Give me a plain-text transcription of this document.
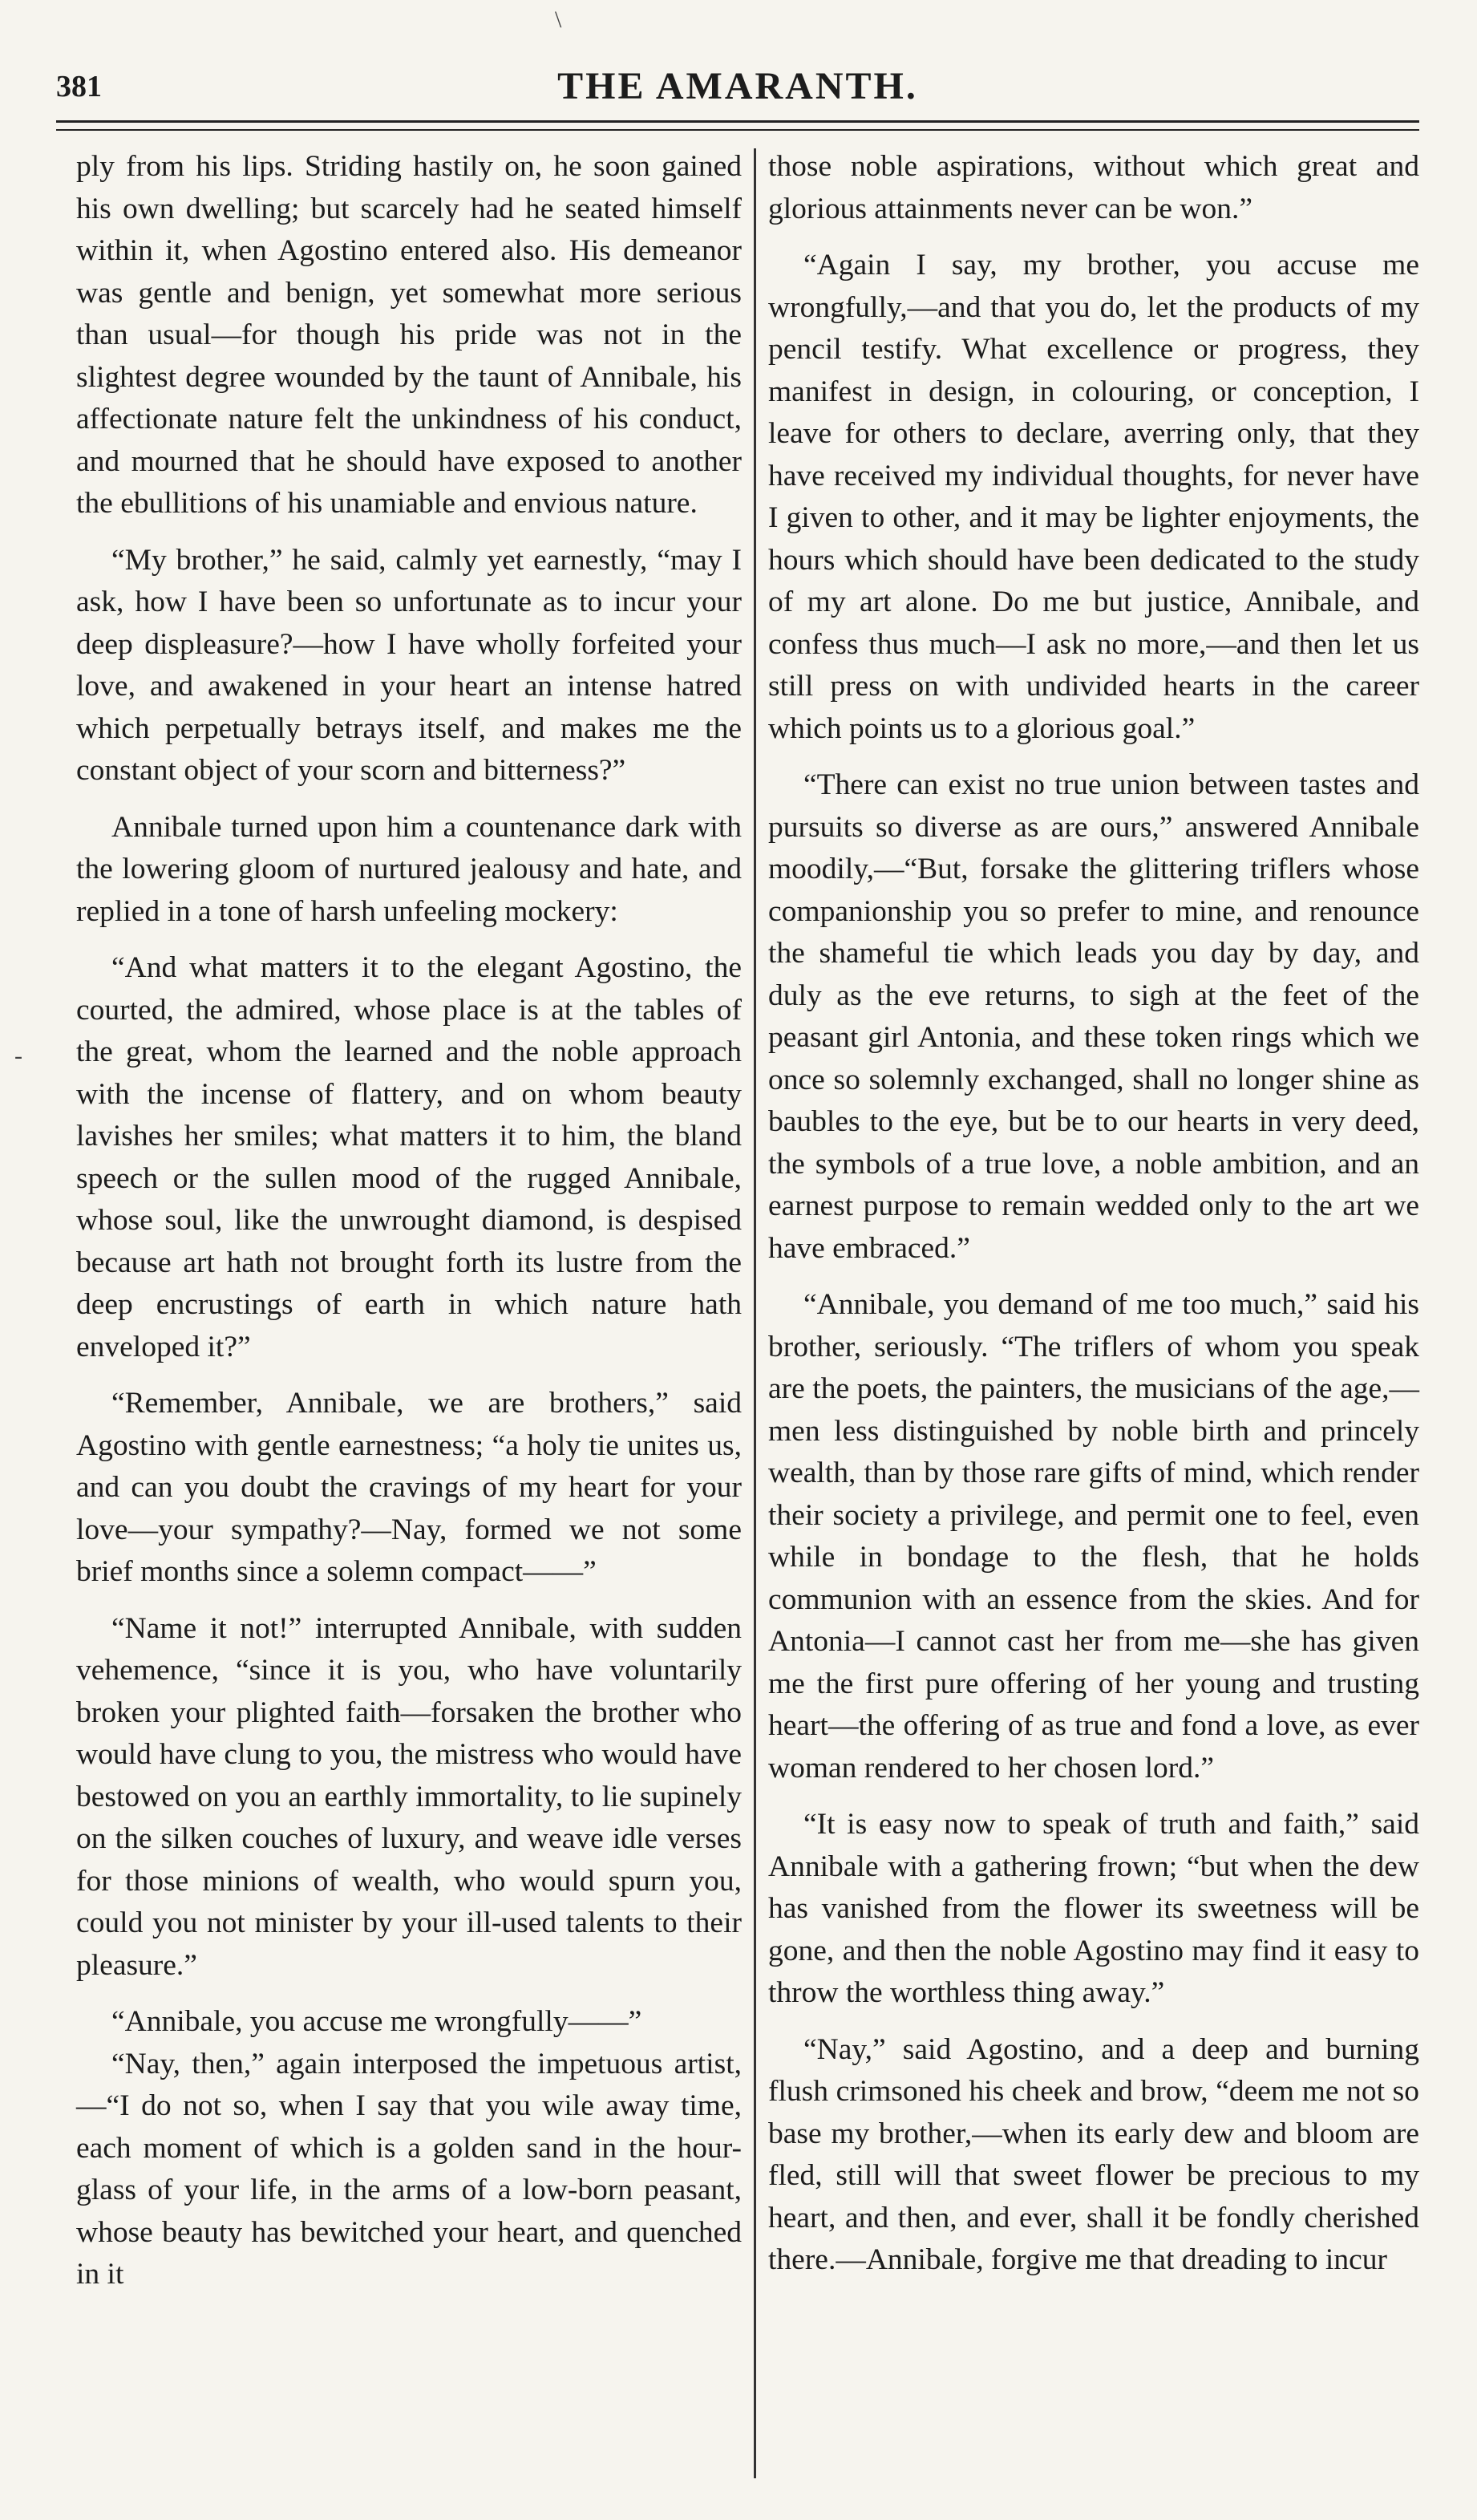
381	THE AMARANTH.

ply from his lips. Striding hastily on, he soon gained his own dwelling; but scarcely had he seated himself within it, when Agostino entered also. His demeanor was gentle and benign, yet somewhat more serious than usual—for though his pride was not in the slightest degree wounded by the taunt of Annibale, his affectionate nature felt the unkindness of his conduct, and mourned that he should have exposed to another the ebullitions of his unamiable and envious nature.

“My brother,” he said, calmly yet earnestly, “may I ask, how I have been so unfortunate as to incur your deep displeasure?—how I have wholly forfeited your love, and awakened in your heart an intense hatred which perpetually betrays itself, and makes me the constant object of your scorn and bitterness?”

Annibale turned upon him a countenance dark with the lowering gloom of nurtured jealousy and hate, and replied in a tone of harsh unfeeling mockery:

“And what matters it to the elegant Agostino, the courted, the admired, whose place is at the tables of the great, whom the learned and the noble approach with the incense of flattery, and on whom beauty lavishes her smiles; what matters it to him, the bland speech or the sullen mood of the rugged Annibale, whose soul, like the unwrought diamond, is despised because art hath not brought forth its lustre from the deep encrustings of earth in which nature hath enveloped it?”

“Remember, Annibale, we are brothers,” said Agostino with gentle earnestness; “a holy tie unites us, and can you doubt the cravings of my heart for your love—your sympathy?—Nay, formed we not some brief months since a solemn compact——”

“Name it not!” interrupted Annibale, with sudden vehemence, “since it is you, who have voluntarily broken your plighted faith—forsaken the brother who would have clung to you, the mistress who would have bestowed on you an earthly immortality, to lie supinely on the silken couches of luxury, and weave idle verses for those minions of wealth, who would spurn you, could you not minister by your ill-used talents to their pleasure.”

“Annibale, you accuse me wrongfully——”

“Nay, then,” again interposed the impetuous artist,—“I do not so, when I say that you wile away time, each moment of which is a golden sand in the hour-glass of your life, in the arms of a low-born peasant, whose beauty has bewitched your heart, and quenched in it

those noble aspirations, without which great and glorious attainments never can be won.”

“Again I say, my brother, you accuse me wrongfully,—and that you do, let the products of my pencil testify. What excellence or progress, they manifest in design, in colouring, or conception, I leave for others to declare, averring only, that they have received my individual thoughts, for never have I given to other, and it may be lighter enjoyments, the hours which should have been dedicated to the study of my art alone. Do me but justice, Annibale, and confess thus much—I ask no more,—and then let us still press on with undivided hearts in the career which points us to a glorious goal.”

“There can exist no true union between tastes and pursuits so diverse as are ours,” answered Annibale moodily,—“But, forsake the glittering triflers whose companionship you so prefer to mine, and renounce the shameful tie which leads you day by day, and duly as the eve returns, to sigh at the feet of the peasant girl Antonia, and these token rings which we once so solemnly exchanged, shall no longer shine as baubles to the eye, but be to our hearts in very deed, the symbols of a true love, a noble ambition, and an earnest purpose to remain wedded only to the art we have embraced.”

“Annibale, you demand of me too much,” said his brother, seriously. “The triflers of whom you speak are the poets, the painters, the musicians of the age,—men less distinguished by noble birth and princely wealth, than by those rare gifts of mind, which render their society a privilege, and permit one to feel, even while in bondage to the flesh, that he holds communion with an essence from the skies. And for Antonia—I cannot cast her from me—she has given me the first pure offering of her young and trusting heart—the offering of as true and fond a love, as ever woman rendered to her chosen lord.”

“It is easy now to speak of truth and faith,” said Annibale with a gathering frown; “but when the dew has vanished from the flower its sweetness will be gone, and then the noble Agostino may find it easy to throw the worthless thing away.”

“Nay,” said Agostino, and a deep and burning flush crimsoned his cheek and brow, “deem me not so base my brother,—when its early dew and bloom are fled, still will that sweet flower be precious to my heart, and then, and ever, shall it be fondly cherished there.—Annibale, forgive me that dreading to incur

-
\
